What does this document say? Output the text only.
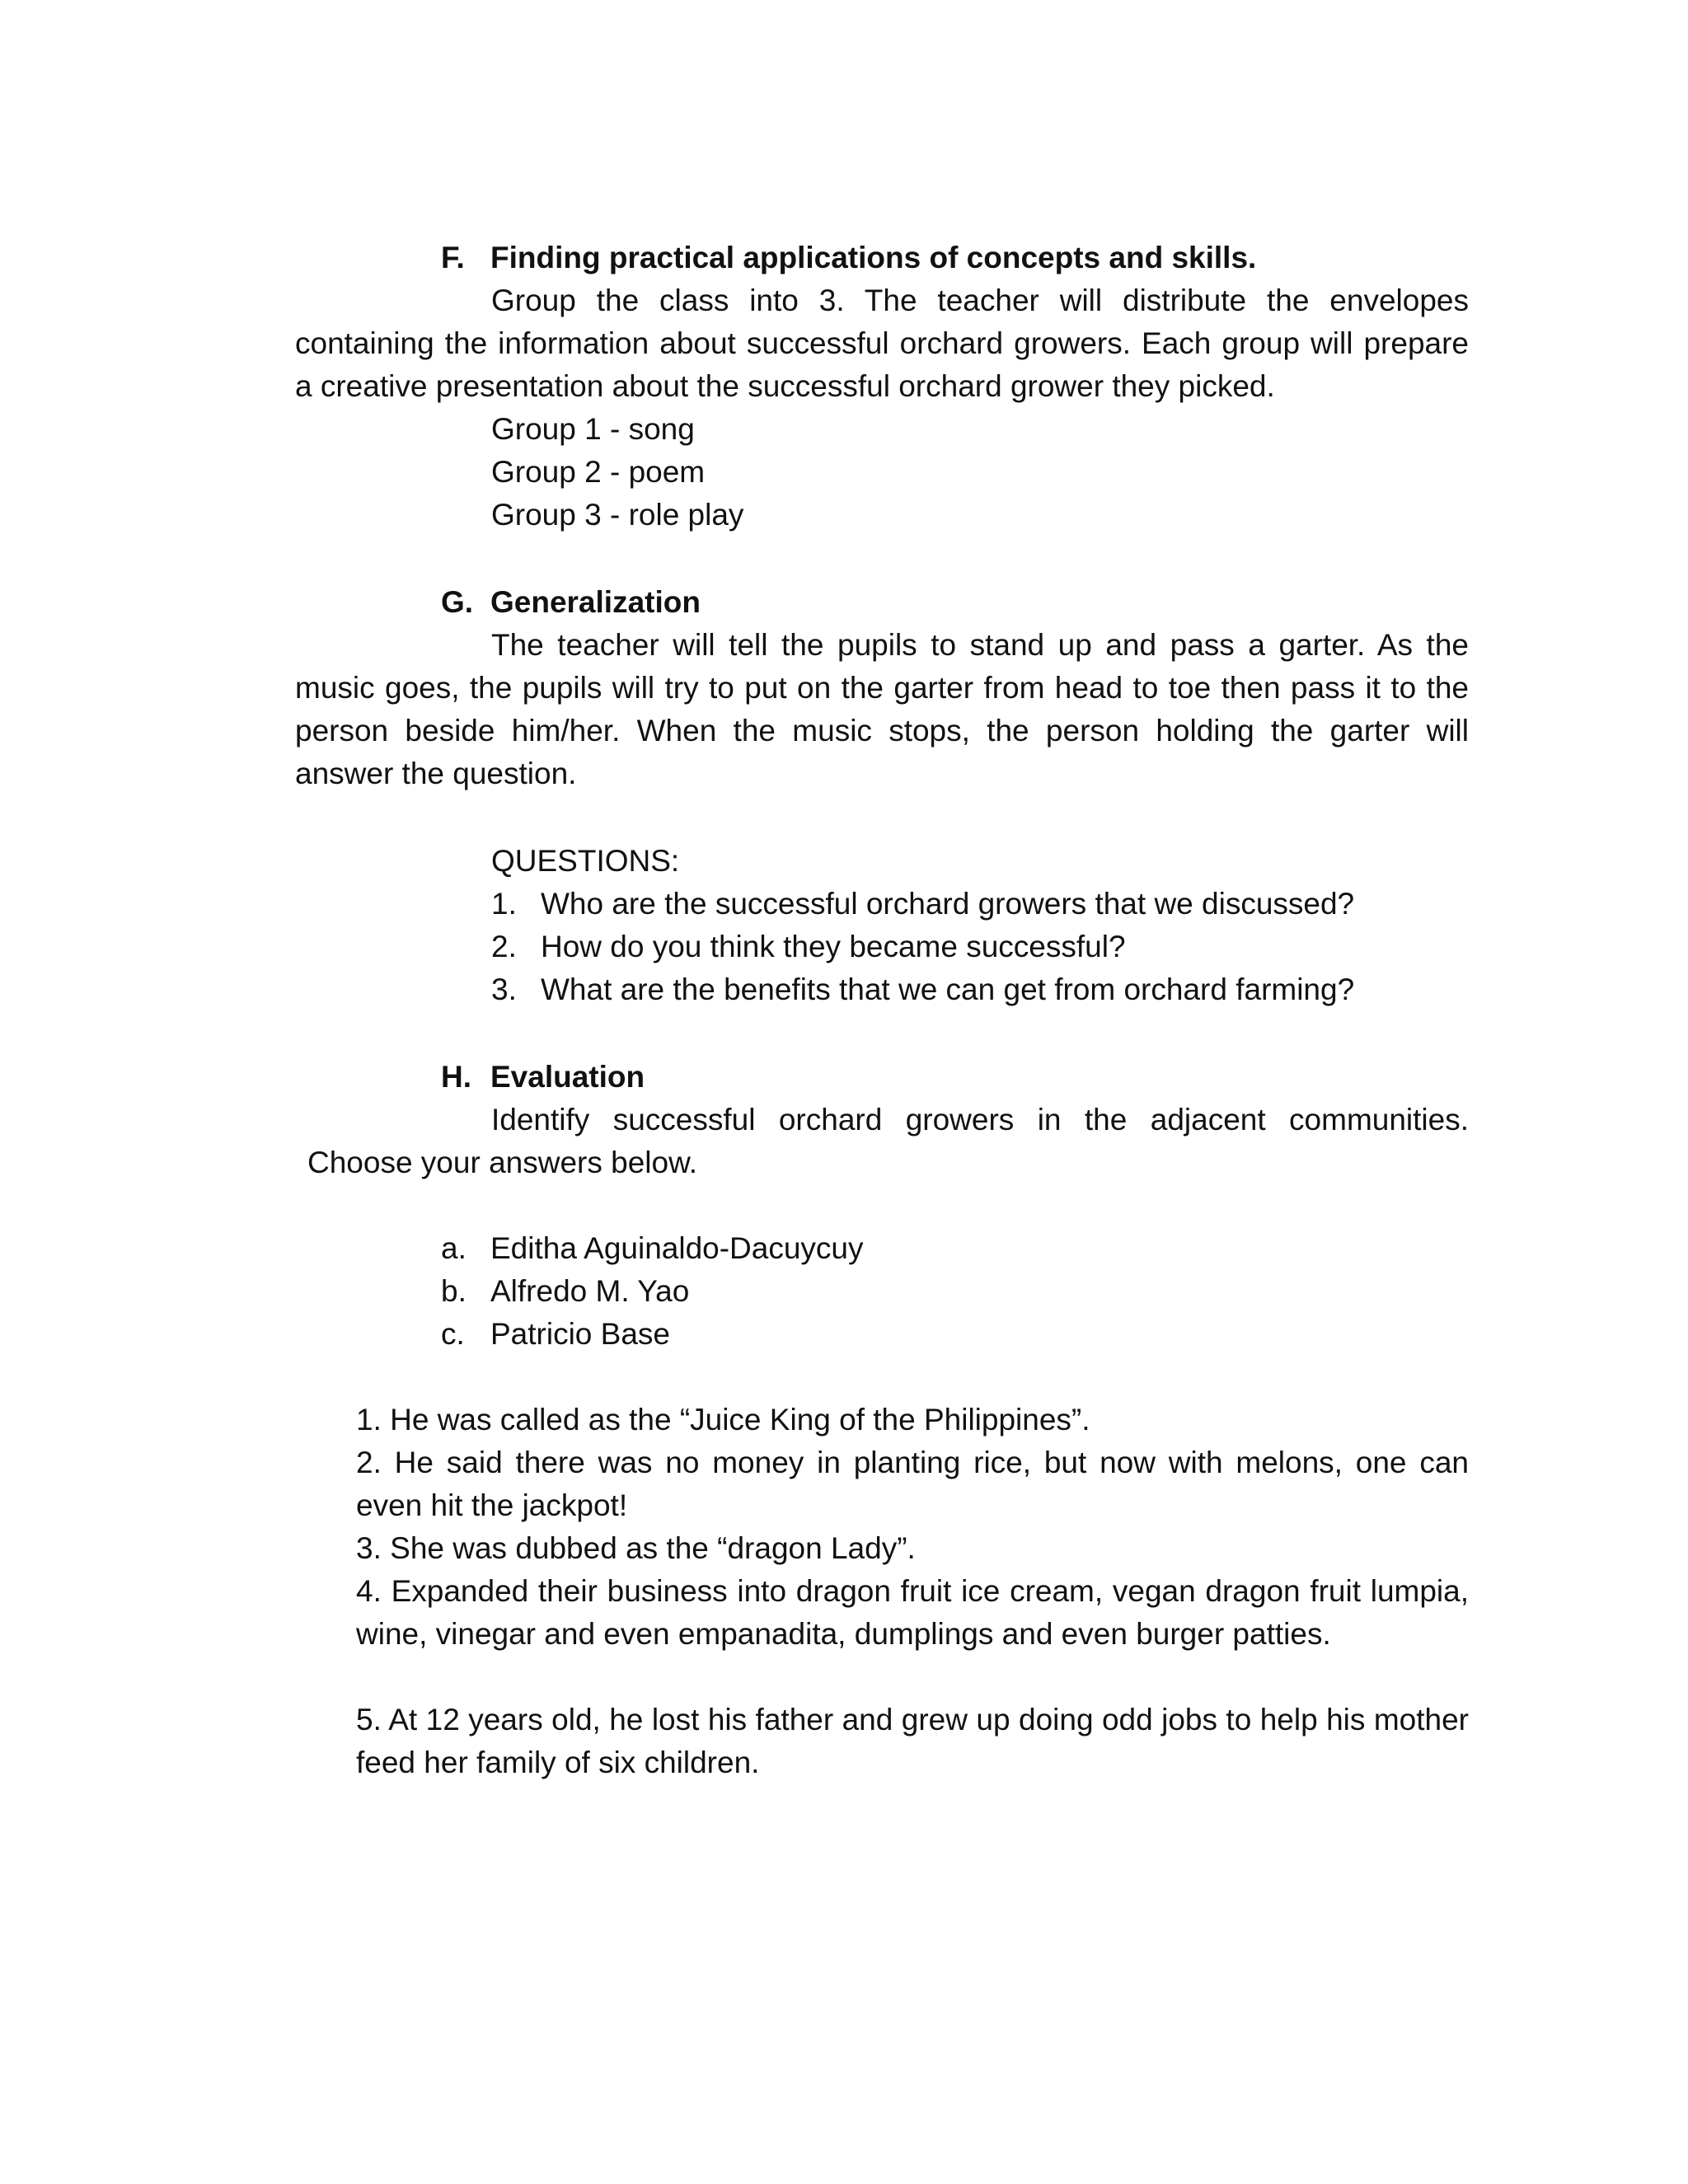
F. Finding practical applications of concepts and skills.
Group the class into 3. The teacher will distribute the envelopes containing the information about successful orchard growers. Each group will prepare a creative presentation about the successful orchard grower they picked.
Group 1 - song
Group 2 - poem
Group 3 - role play
G. Generalization
The teacher will tell the pupils to stand up and pass a garter. As the music goes, the pupils will try to put on the garter from head to toe then pass it to the person beside him/her. When the music stops, the person holding the garter will answer the question.
QUESTIONS:
1. Who are the successful orchard growers that we discussed?
2. How do you think they became successful?
3. What are the benefits that we can get from orchard farming?
H. Evaluation
Identify successful orchard growers in the adjacent communities.
Choose your answers below.
a. Editha Aguinaldo-Dacuycuy
b. Alfredo M. Yao
c. Patricio Base
1. He was called as the “Juice King of the Philippines”.
2. He said there was no money in planting rice, but now with melons, one can even hit the jackpot!
3. She was dubbed as the “dragon Lady”.
4. Expanded their business into dragon fruit ice cream, vegan dragon fruit lumpia, wine, vinegar and even empanadita, dumplings and even burger patties.
5. At 12 years old, he lost his father and grew up doing odd jobs to help his mother feed her family of six children.
